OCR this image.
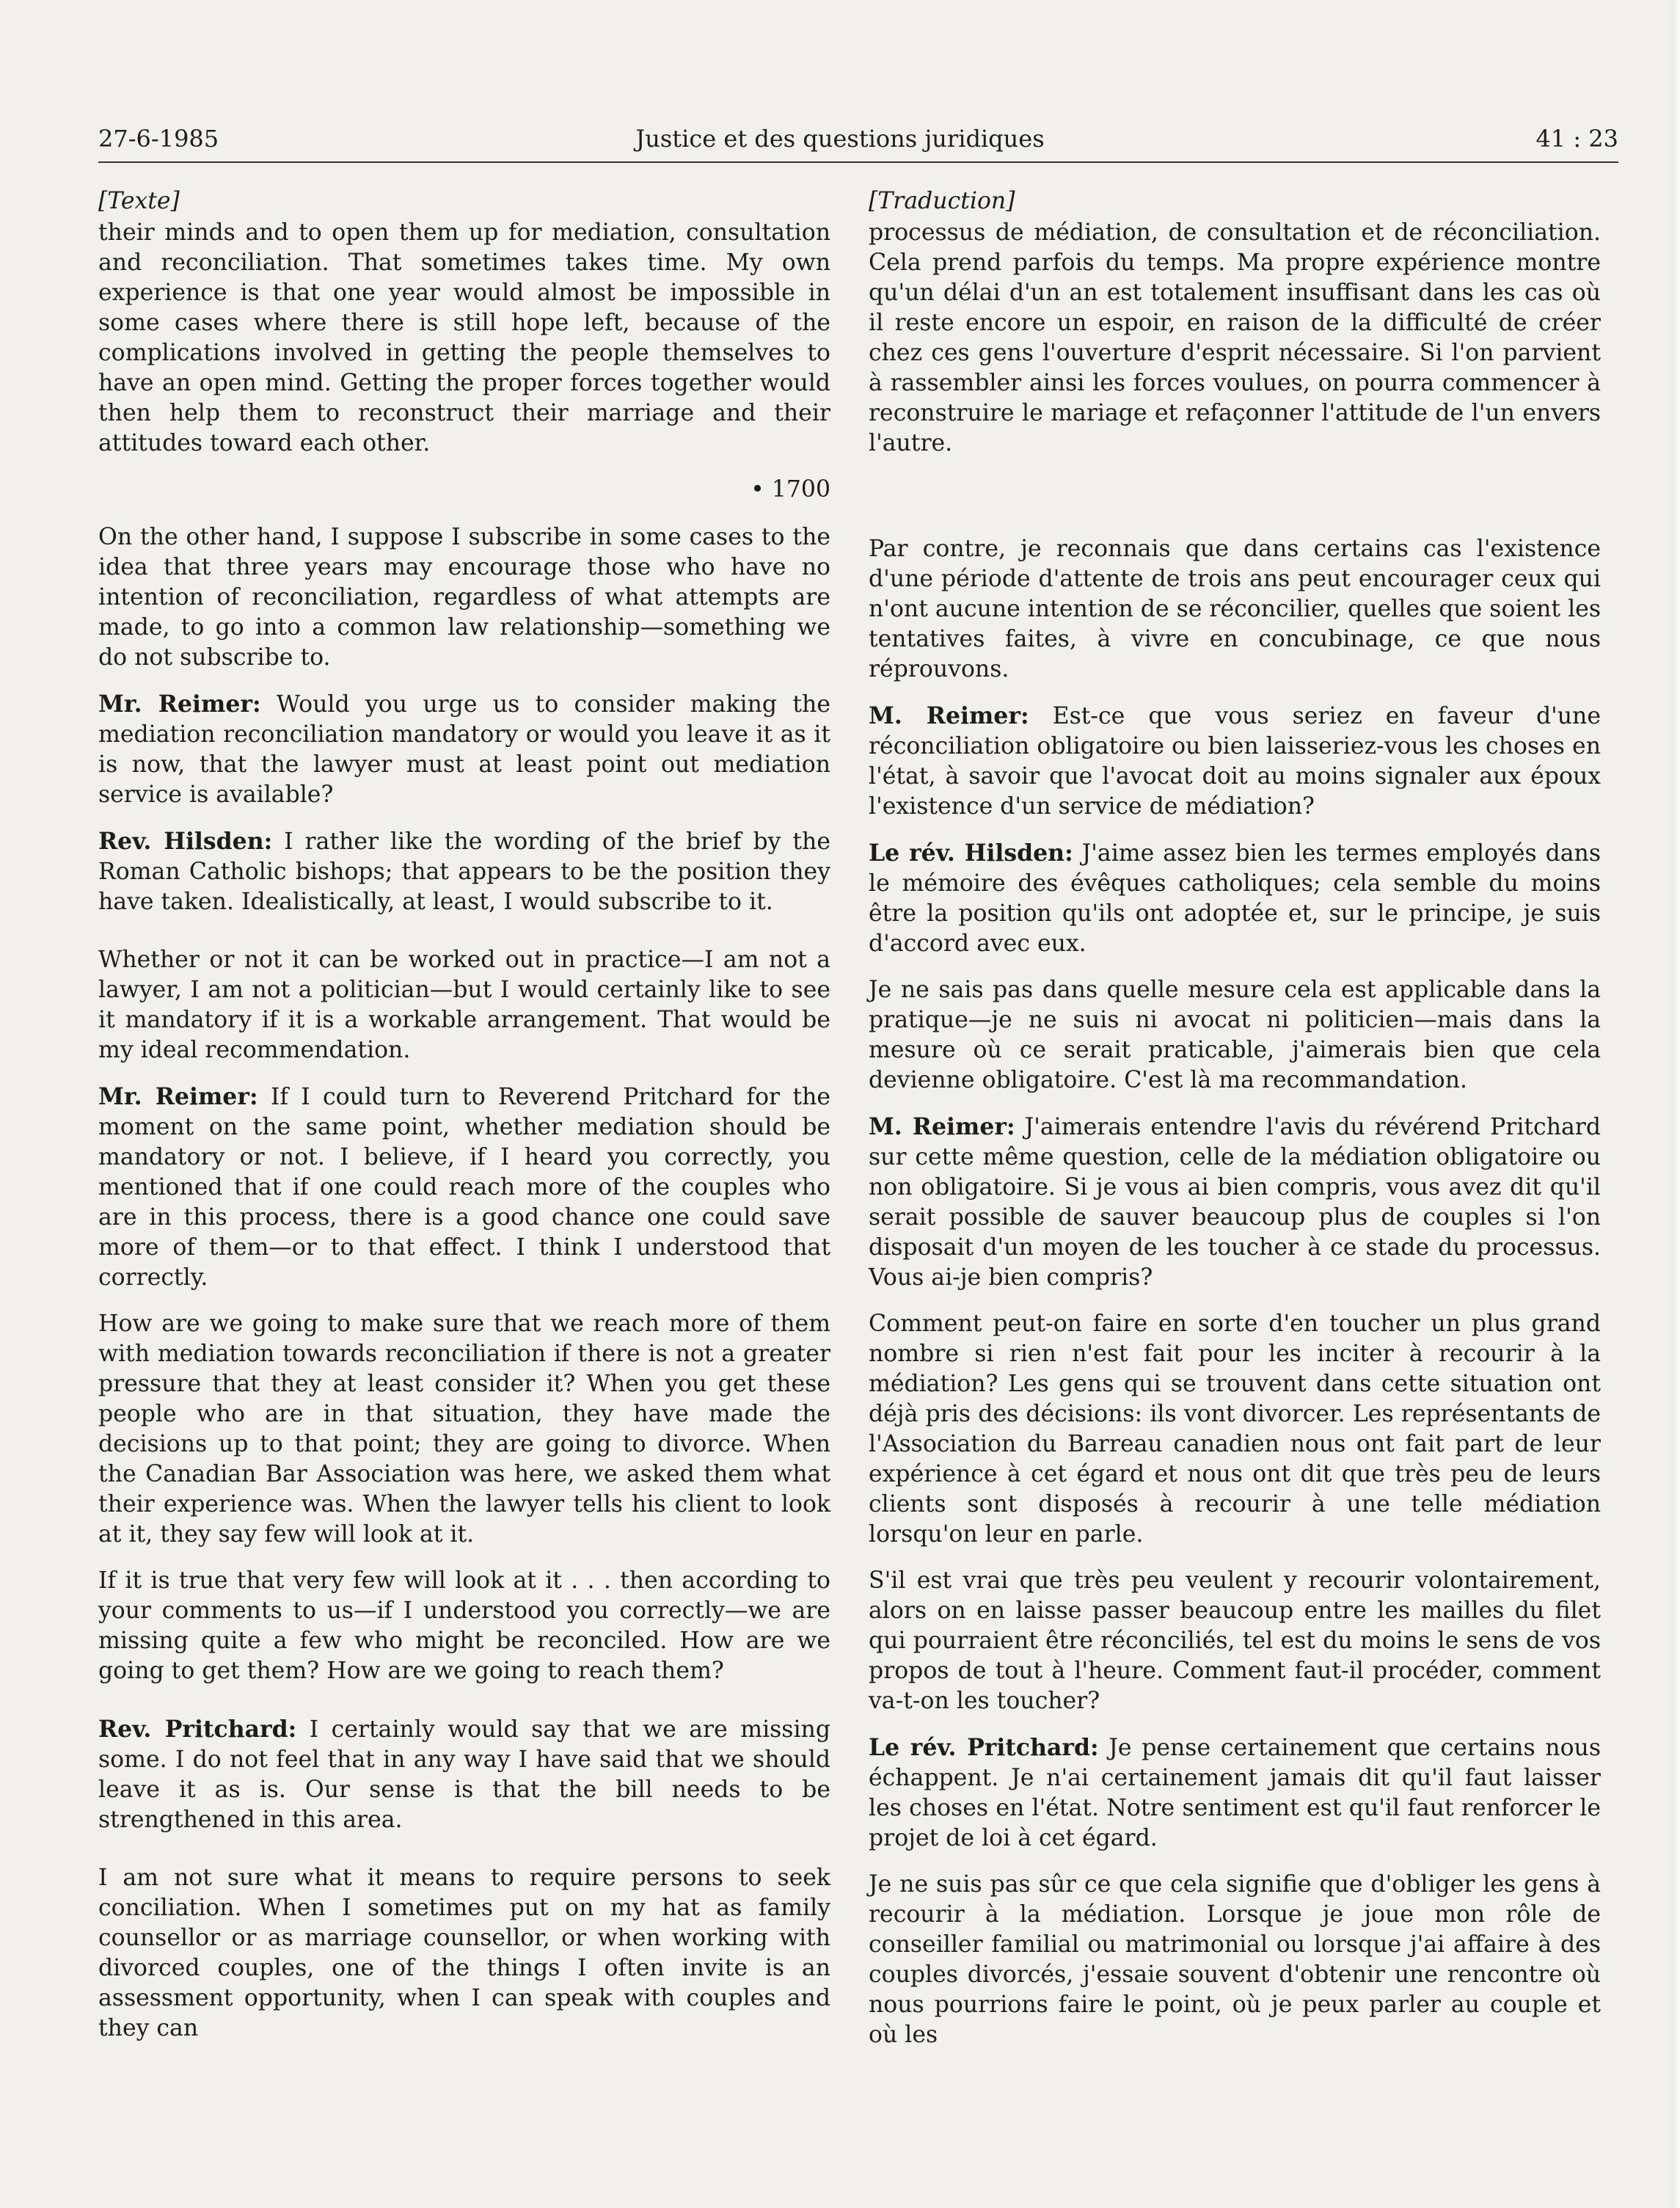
27-6-1985	Justice et des questions juridiques	41 : 23
[Texte]

their minds and to open them up for mediation, consultation and reconciliation. That sometimes takes time. My own experience is that one year would almost be impossible in some cases where there is still hope left, because of the complications involved in getting the people themselves to have an open mind. Getting the proper forces together would then help them to reconstruct their marriage and their attitudes toward each other.

• 1700

On the other hand, I suppose I subscribe in some cases to the idea that three years may encourage those who have no intention of reconciliation, regardless of what attempts are made, to go into a common law relationship—something we do not subscribe to.

Mr. Reimer: Would you urge us to consider making the mediation reconciliation mandatory or would you leave it as it is now, that the lawyer must at least point out mediation service is available?

Rev. Hilsden: I rather like the wording of the brief by the Roman Catholic bishops; that appears to be the position they have taken. Idealistically, at least, I would subscribe to it.

Whether or not it can be worked out in practice—I am not a lawyer, I am not a politician—but I would certainly like to see it mandatory if it is a workable arrangement. That would be my ideal recommendation.

Mr. Reimer: If I could turn to Reverend Pritchard for the moment on the same point, whether mediation should be mandatory or not. I believe, if I heard you correctly, you mentioned that if one could reach more of the couples who are in this process, there is a good chance one could save more of them—or to that effect. I think I understood that correctly.

How are we going to make sure that we reach more of them with mediation towards reconciliation if there is not a greater pressure that they at least consider it? When you get these people who are in that situation, they have made the decisions up to that point; they are going to divorce. When the Canadian Bar Association was here, we asked them what their experience was. When the lawyer tells his client to look at it, they say few will look at it.

If it is true that very few will look at it . . . then according to your comments to us—if I understood you correctly—we are missing quite a few who might be reconciled. How are we going to get them? How are we going to reach them?

Rev. Pritchard: I certainly would say that we are missing some. I do not feel that in any way I have said that we should leave it as is. Our sense is that the bill needs to be strengthened in this area.

I am not sure what it means to require persons to seek conciliation. When I sometimes put on my hat as family counsellor or as marriage counsellor, or when working with divorced couples, one of the things I often invite is an assessment opportunity, when I can speak with couples and they can

[Traduction]

processus de médiation, de consultation et de réconciliation. Cela prend parfois du temps. Ma propre expérience montre qu'un délai d'un an est totalement insuffisant dans les cas où il reste encore un espoir, en raison de la difficulté de créer chez ces gens l'ouverture d'esprit nécessaire. Si l'on parvient à rassembler ainsi les forces voulues, on pourra commencer à reconstruire le mariage et refaçonner l'attitude de l'un envers l'autre.

Par contre, je reconnais que dans certains cas l'existence d'une période d'attente de trois ans peut encourager ceux qui n'ont aucune intention de se réconcilier, quelles que soient les tentatives faites, à vivre en concubinage, ce que nous réprouvons.

M. Reimer: Est-ce que vous seriez en faveur d'une réconciliation obligatoire ou bien laisseriez-vous les choses en l'état, à savoir que l'avocat doit au moins signaler aux époux l'existence d'un service de médiation?

Le rév. Hilsden: J'aime assez bien les termes employés dans le mémoire des évêques catholiques; cela semble du moins être la position qu'ils ont adoptée et, sur le principe, je suis d'accord avec eux.

Je ne sais pas dans quelle mesure cela est applicable dans la pratique—je ne suis ni avocat ni politicien—mais dans la mesure où ce serait praticable, j'aimerais bien que cela devienne obligatoire. C'est là ma recommandation.

M. Reimer: J'aimerais entendre l'avis du révérend Pritchard sur cette même question, celle de la médiation obligatoire ou non obligatoire. Si je vous ai bien compris, vous avez dit qu'il serait possible de sauver beaucoup plus de couples si l'on disposait d'un moyen de les toucher à ce stade du processus. Vous ai-je bien compris?

Comment peut-on faire en sorte d'en toucher un plus grand nombre si rien n'est fait pour les inciter à recourir à la médiation? Les gens qui se trouvent dans cette situation ont déjà pris des décisions: ils vont divorcer. Les représentants de l'Association du Barreau canadien nous ont fait part de leur expérience à cet égard et nous ont dit que très peu de leurs clients sont disposés à recourir à une telle médiation lorsqu'on leur en parle.

S'il est vrai que très peu veulent y recourir volontairement, alors on en laisse passer beaucoup entre les mailles du filet qui pourraient être réconciliés, tel est du moins le sens de vos propos de tout à l'heure. Comment faut-il procéder, comment va-t-on les toucher?

Le rév. Pritchard: Je pense certainement que certains nous échappent. Je n'ai certainement jamais dit qu'il faut laisser les choses en l'état. Notre sentiment est qu'il faut renforcer le projet de loi à cet égard.

Je ne suis pas sûr ce que cela signifie que d'obliger les gens à recourir à la médiation. Lorsque je joue mon rôle de conseiller familial ou matrimonial ou lorsque j'ai affaire à des couples divorcés, j'essaie souvent d'obtenir une rencontre où nous pourrions faire le point, où je peux parler au couple et où les
